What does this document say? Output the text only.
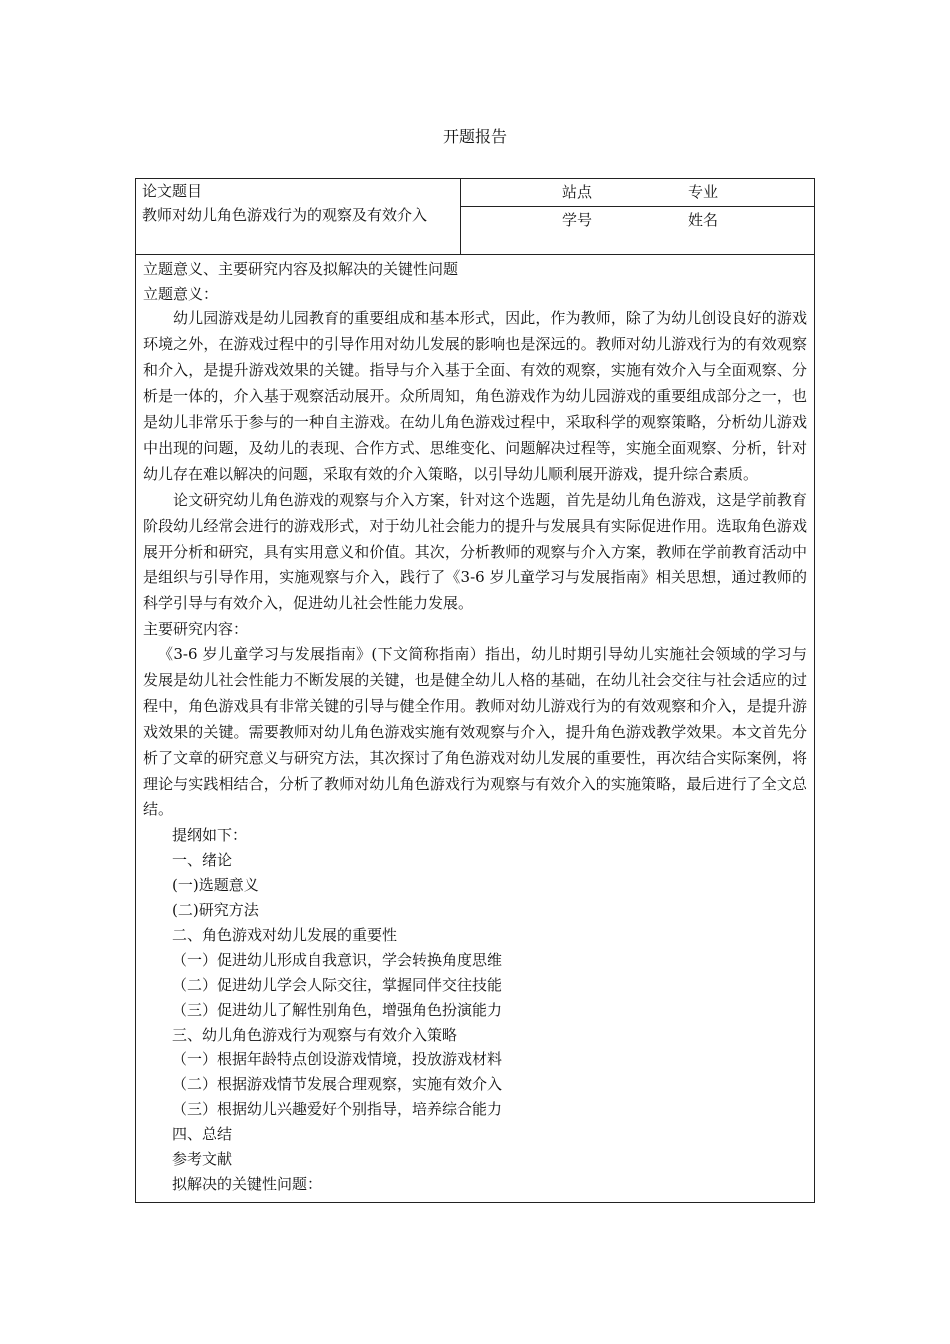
开题报告
论文题目
教师对幼儿角色游戏行为的观察及有效介入
站点	专业
学号	姓名
立题意义、主要研究内容及拟解决的关键性问题
立题意义：

幼儿园游戏是幼儿园教育的重要组成和基本形式，因此，作为教师，除了为幼儿创设良好的游戏环境之外，在游戏过程中的引导作用对幼儿发展的影响也是深远的。教师对幼儿游戏行为的有效观察和介入，是提升游戏效果的关键。指导与介入基于全面、有效的观察，实施有效介入与全面观察、分析是一体的，介入基于观察活动展开。众所周知，角色游戏作为幼儿园游戏的重要组成部分之一，也是幼儿非常乐于参与的一种自主游戏。在幼儿角色游戏过程中，采取科学的观察策略，分析幼儿游戏中出现的问题，及幼儿的表现、合作方式、思维变化、问题解决过程等，实施全面观察、分析，针对幼儿存在难以解决的问题，采取有效的介入策略，以引导幼儿顺利展开游戏，提升综合素质。

论文研究幼儿角色游戏的观察与介入方案，针对这个选题，首先是幼儿角色游戏，这是学前教育阶段幼儿经常会进行的游戏形式，对于幼儿社会能力的提升与发展具有实际促进作用。选取角色游戏展开分析和研究，具有实用意义和价值。其次，分析教师的观察与介入方案，教师在学前教育活动中是组织与引导作用，实施观察与介入，践行了《3-6 岁儿童学习与发展指南》相关思想，通过教师的科学引导与有效介入，促进幼儿社会性能力发展。

主要研究内容：

《3-6 岁儿童学习与发展指南》(下文简称指南）指出，幼儿时期引导幼儿实施社会领域的学习与发展是幼儿社会性能力不断发展的关键，也是健全幼儿人格的基础，在幼儿社会交往与社会适应的过程中，角色游戏具有非常关键的引导与健全作用。教师对幼儿游戏行为的有效观察和介入，是提升游戏效果的关键。需要教师对幼儿角色游戏实施有效观察与介入，提升角色游戏教学效果。本文首先分析了文章的研究意义与研究方法，其次探讨了角色游戏对幼儿发展的重要性，再次结合实际案例，将理论与实践相结合，分析了教师对幼儿角色游戏行为观察与有效介入的实施策略，最后进行了全文总结。

提纲如下：
一、绪论
(一)选题意义
(二)研究方法
二、角色游戏对幼儿发展的重要性
（一）促进幼儿形成自我意识，学会转换角度思维
（二）促进幼儿学会人际交往，掌握同伴交往技能
（三）促进幼儿了解性别角色，增强角色扮演能力
三、幼儿角色游戏行为观察与有效介入策略
（一）根据年龄特点创设游戏情境，投放游戏材料
（二）根据游戏情节发展合理观察，实施有效介入
（三）根据幼儿兴趣爱好个别指导，培养综合能力
四、总结
参考文献
拟解决的关键性问题：
